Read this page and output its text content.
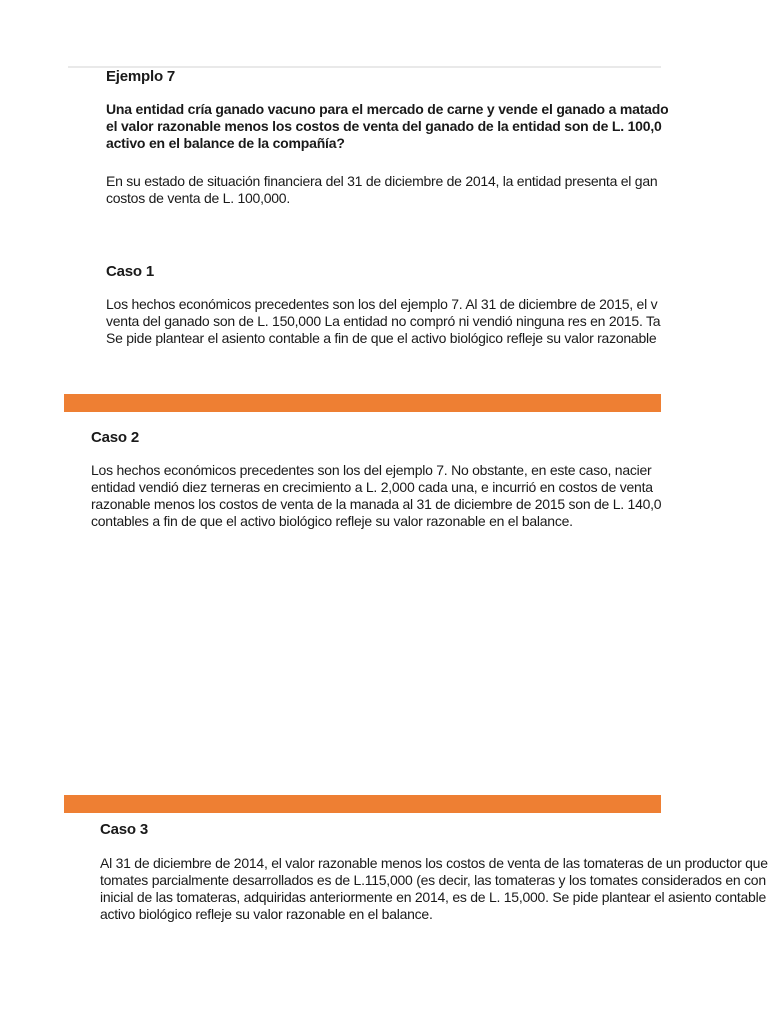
Ejemplo 7
Una entidad cría ganado vacuno para el mercado de carne y vende el ganado a matado
el valor razonable menos los costos de venta del ganado de la entidad son de L. 100,0
activo en el balance de la compañía?
En su estado de situación financiera del 31 de diciembre de 2014, la entidad presenta el gan
costos de venta de L. 100,000.
Caso 1
Los hechos económicos precedentes son los del ejemplo 7. Al 31 de diciembre de 2015, el v
venta del ganado son de L. 150,000 La entidad no compró ni vendió ninguna res en 2015. Ta
Se pide plantear el asiento contable a fin de que el activo biológico refleje su valor razonable
Caso 2
Los hechos económicos precedentes son los del ejemplo 7. No obstante, en este caso, nacier
entidad vendió diez terneras en crecimiento a L. 2,000 cada una, e incurrió en costos de venta
razonable menos los costos de venta de la manada al 31 de diciembre de 2015 son de L. 140,0
contables a fin de que el activo biológico refleje su valor razonable en el balance.
Caso 3
Al 31 de diciembre de 2014, el valor razonable menos los costos de venta de las tomateras de un productor que
tomates parcialmente desarrollados es de L.115,000 (es decir, las tomateras y los tomates considerados en con
inicial de las tomateras, adquiridas anteriormente en 2014, es de L. 15,000. Se pide plantear el asiento contable
activo biológico refleje su valor razonable en el balance.
